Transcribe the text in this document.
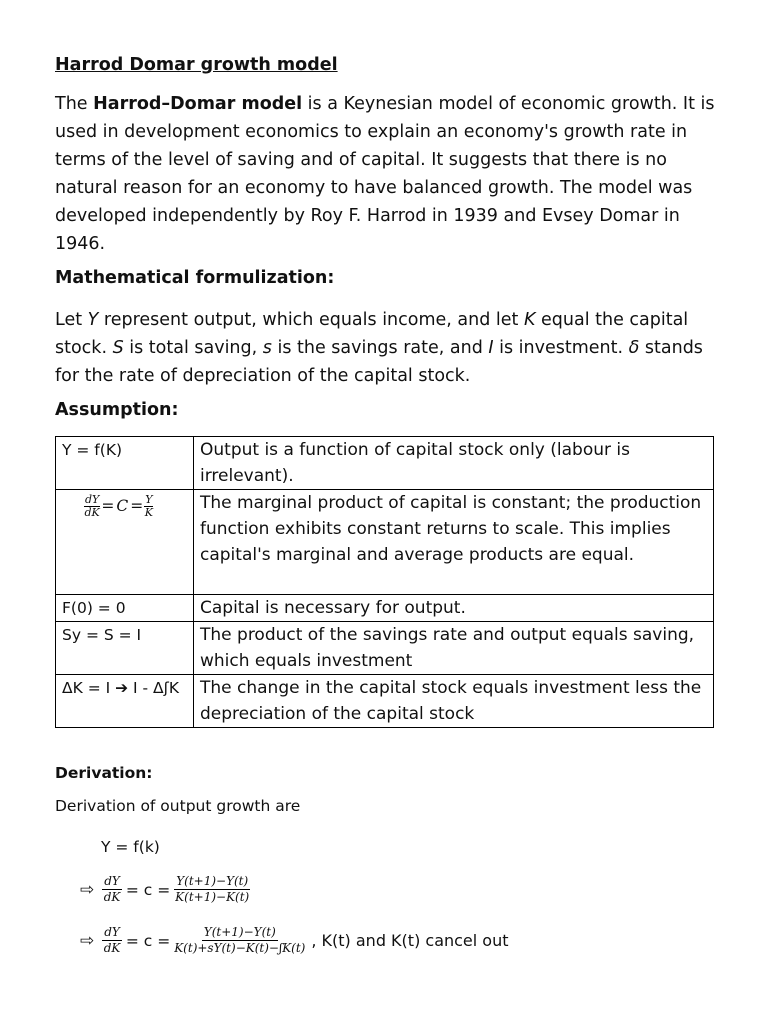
Harrod Domar growth model

The Harrod–Domar model is a Keynesian model of economic growth. It is used in development economics to explain an economy's growth rate in terms of the level of saving and of capital. It suggests that there is no natural reason for an economy to have balanced growth. The model was developed independently by Roy F. Harrod in 1939 and Evsey Domar in 1946.

Mathematical formulization:

Let Y represent output, which equals income, and let K equal the capital stock. S is total saving, s is the savings rate, and I is investment. δ stands for the rate of depreciation of the capital stock.

Assumption:
Y = f(K)	Output is a function of capital stock only (labour is irrelevant).

$\frac{dY}{dK} = C = \frac{Y}{K}$	The marginal product of capital is constant; the production function exhibits constant returns to scale. This implies capital's marginal and average products are equal.
F(0) = 0	Capital is necessary for output.
Sy = S = I	The product of the savings rate and output equals saving, which equals investment
ΔK = I ➔ I - ΔʃK	The change in the capital stock equals investment less the depreciation of the capital stock
Derivation:
Derivation of output growth are
Y = f(k)
⇨ $\frac{dY}{dK} = c = \frac{Y(t+1)-Y(t)}{K(t+1)-K(t)}$
⇨ $\frac{dY}{dK} = c = \frac{Y(t+1)-Y(t)}{\text{K(t)+sY(t)−K(t)−ʃK(t)}}$ , K(t) and K(t) cancel out
